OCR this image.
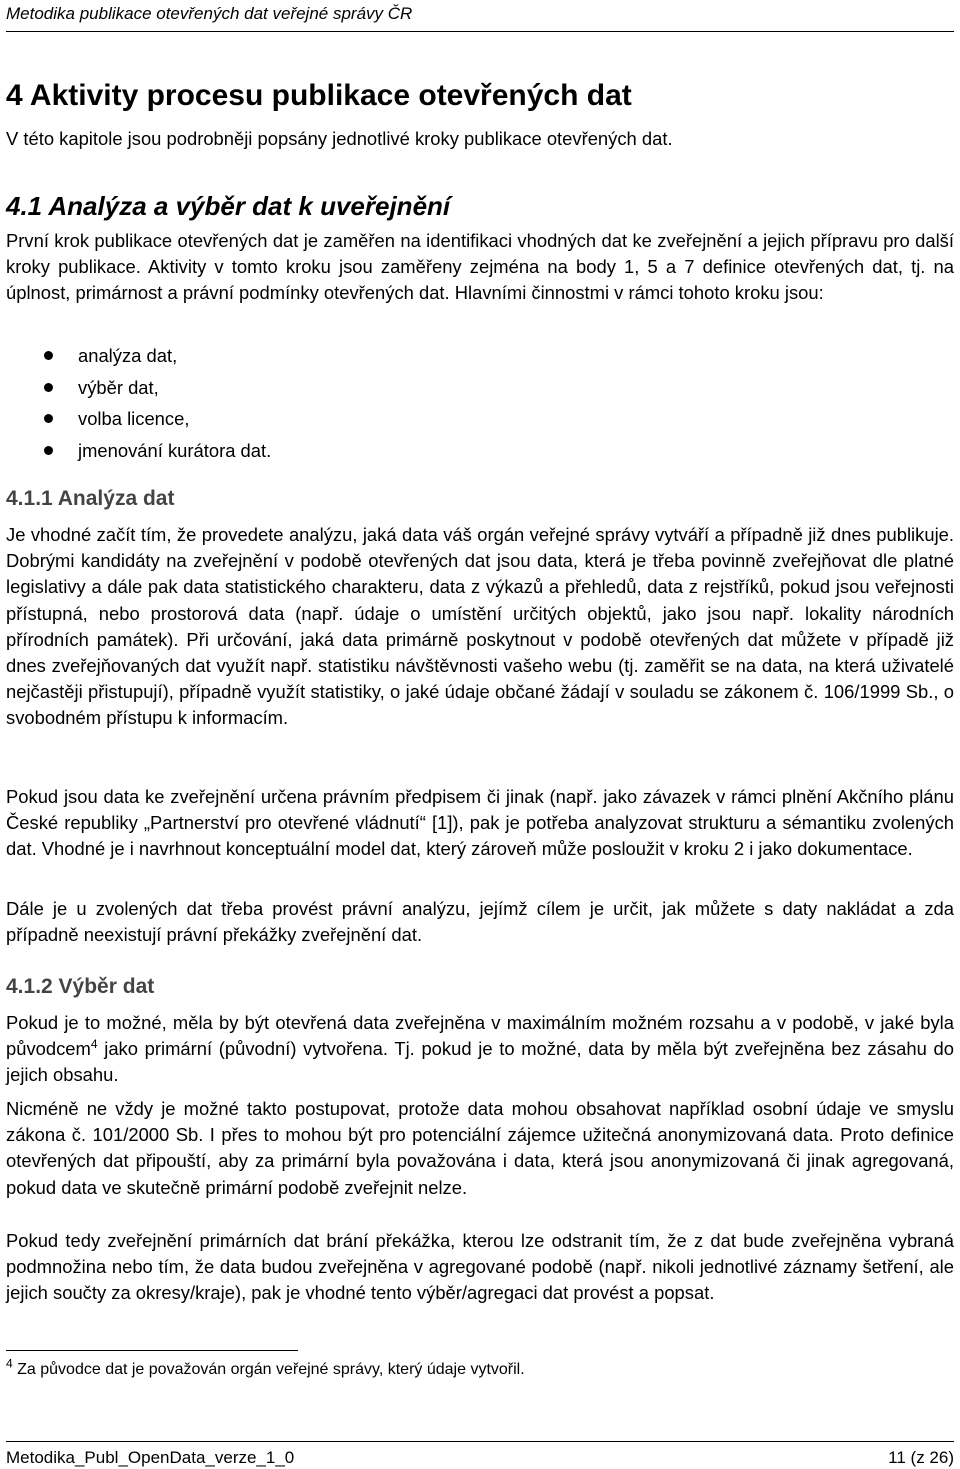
Metodika publikace otevřených dat veřejné správy ČR
4 Aktivity procesu publikace otevřených dat

V této kapitole jsou podrobněji popsány jednotlivé kroky publikace otevřených dat.

4.1 Analýza a výběr dat k uveřejnění

První krok publikace otevřených dat je zaměřen na identifikaci vhodných dat ke zveřejnění a jejich přípravu pro další kroky publikace. Aktivity v tomto kroku jsou zaměřeny zejména na body 1, 5 a 7 definice otevřených dat, tj. na úplnost, primárnost a právní podmínky otevřených dat. Hlavními činnostmi v rámci tohoto kroku jsou:

analýza dat,
výběr dat,
volba licence,
jmenování kurátora dat.
4.1.1 Analýza dat

Je vhodné začít tím, že provedete analýzu, jaká data váš orgán veřejné správy vytváří a případně již dnes publikuje. Dobrými kandidáty na zveřejnění v podobě otevřených dat jsou data, která je třeba povinně zveřejňovat dle platné legislativy a dále pak data statistického charakteru, data z výkazů a přehledů, data z rejstříků, pokud jsou veřejnosti přístupná, nebo prostorová data (např. údaje o umístění určitých objektů, jako jsou např. lokality národních přírodních památek). Při určování, jaká data primárně poskytnout v podobě otevřených dat můžete v případě již dnes zveřejňovaných dat využít např. statistiku návštěvnosti vašeho webu (tj. zaměřit se na data, na která uživatelé nejčastěji přistupují), případně využít statistiky, o jaké údaje občané žádají v souladu se zákonem č. 106/1999 Sb., o svobodném přístupu k informacím.

Pokud jsou data ke zveřejnění určena právním předpisem či jinak (např. jako závazek v rámci plnění Akčního plánu České republiky „Partnerství pro otevřené vládnutí“ [1]), pak je potřeba analyzovat strukturu a sémantiku zvolených dat. Vhodné je i navrhnout konceptuální model dat, který zároveň může posloužit v kroku 2 i jako dokumentace.

Dále je u zvolených dat třeba provést právní analýzu, jejímž cílem je určit, jak můžete s daty nakládat a zda případně neexistují právní překážky zveřejnění dat.

4.1.2 Výběr dat

Pokud je to možné, měla by být otevřená data zveřejněna v maximálním možném rozsahu a v podobě, v jaké byla původcem$^4$ jako primární (původní) vytvořena. Tj. pokud je to možné, data by měla být zveřejněna bez zásahu do jejich obsahu.

Nicméně ne vždy je možné takto postupovat, protože data mohou obsahovat například osobní údaje ve smyslu zákona č. 101/2000 Sb. I přes to mohou být pro potenciální zájemce užitečná anonymizovaná data. Proto definice otevřených dat připouští, aby za primární byla považována i data, která jsou anonymizovaná či jinak agregovaná, pokud data ve skutečně primární podobě zveřejnit nelze.

Pokud tedy zveřejnění primárních dat brání překážka, kterou lze odstranit tím, že z dat bude zveřejněna vybraná podmnožina nebo tím, že data budou zveřejněna v agregované podobě (např. nikoli jednotlivé záznamy šetření, ale jejich součty za okresy/kraje), pak je vhodné tento výběr/agregaci dat provést a popsat.

$^4$ Za původce dat je považován orgán veřejné správy, který údaje vytvořil.
Metodika_Publ_OpenData_verze_1_0	11 (z 26)
